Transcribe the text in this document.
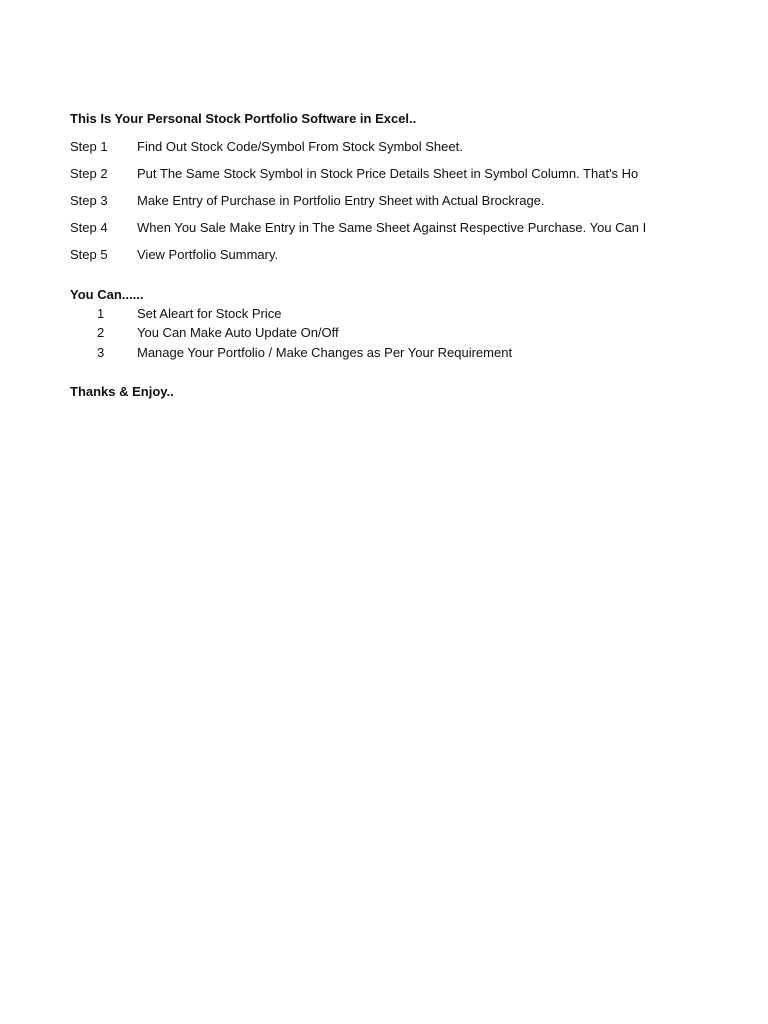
This Is Your Personal Stock Portfolio Software in Excel..
Step 1 Find Out Stock Code/Symbol From Stock Symbol Sheet.
Step 2 Put The Same Stock Symbol in Stock Price Details Sheet in Symbol Column. That's Ho
Step 3 Make Entry of Purchase in Portfolio Entry Sheet with Actual Brockrage.
Step 4 When You Sale Make Entry in The Same Sheet Against Respective Purchase. You Can I
Step 5 View Portfolio Summary.
You Can......
1	Set Aleart for Stock Price
2	You Can Make Auto Update On/Off
3	Manage Your Portfolio / Make Changes as Per Your Requirement
Thanks & Enjoy..
